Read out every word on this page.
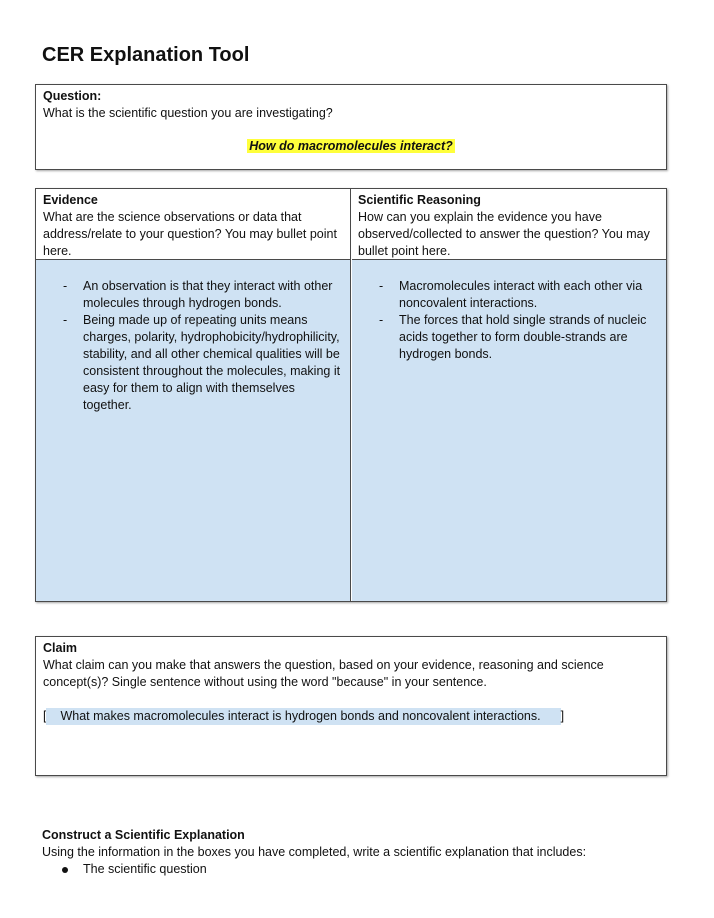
CER Explanation Tool
Question:
What is the scientific question you are investigating?
How do macromolecules interact?
Evidence
What are the science observations or data that address/relate to your question? You may bullet point here.
Scientific Reasoning
How can you explain the evidence you have observed/collected to answer the question? You may bullet point here.
- An observation is that they interact with other molecules through hydrogen bonds.
- Being made up of repeating units means charges, polarity, hydrophobicity/hydrophilicity, stability, and all other chemical qualities will be consistent throughout the molecules, making it easy for them to align with themselves together.
- Macromolecules interact with each other via noncovalent interactions.
- The forces that hold single strands of nucleic acids together to form double-strands are hydrogen bonds.
Claim
What claim can you make that answers the question, based on your evidence, reasoning and science concept(s)? Single sentence without using the word "because" in your sentence.
[ What makes macromolecules interact is hydrogen bonds and noncovalent interactions. ]
Construct a Scientific Explanation
Using the information in the boxes you have completed, write a scientific explanation that includes:
The scientific question
